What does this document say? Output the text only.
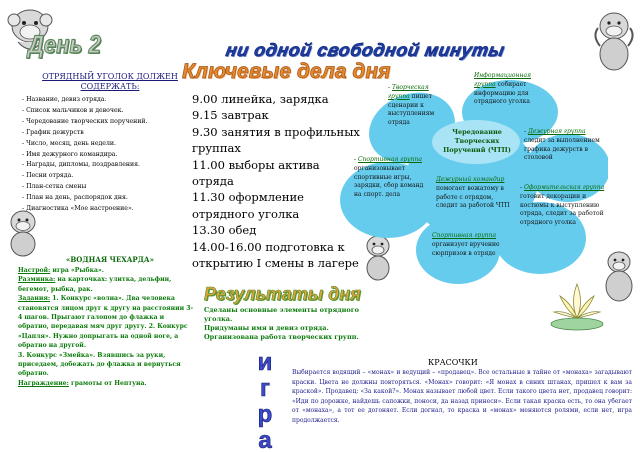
День 2	ни одной свободной минуты
Ключевые дела дня
Результаты дня
ОТРЯДНЫЙ УГОЛОК ДОЛЖЕН СОДЕРЖАТЬ:
- Название, девиз отряда.
- Список мальчиков и девочек.
- Чередование творческих поручений.
- График дежурств
- Число, месяц, день недели.
- Имя дежурного командира.
- Награды, дипломы, поздравления.
- Песни отряда.
- План-сетка смены
- План на день, распорядок дня.
- Диагностика «Мое настроение».
9.00 линейка, зарядка
9.15 завтрак
9.30 занятия в профильных группах
11.00 выборы актива отряда
11.30 оформление отрядного уголка
13.30 обед
14.00-16.00 подготовка к открытию I смены в лагере
«ВОДНАЯ ЧЕХАРДА»
Настрой: игра «Рыбка».
Разминка: на карточках: улитка, дельфин, бегемот, рыбка, рак.
Задания: 1. Конкурс «волна». Два человека становятся лицом друг к другу на расстоянии 3-4 шагов. Прыгают галопом до флажка и обратно, передавая мяч друг другу. 2. Конкурс «Цапля». Нужно допрыгать на одной ноге, а обратно на другой.
3. Конкурс «Змейка». Взявшись за руки, приседаем, добежать до флажка и вернуться обратно.
Награждение: грамоты от Нептуна.
Сделаны основные элементы отрядного уголка.
Придуманы имя и девиз отряда.
Организована работа творческих групп.
Чередование Творческих Поручений (ЧТП)
- Творческая группа пишет сценарии к выступлениям отряда
Информационная группа собирает информацию для отрядного уголка
- Дежурная группа следит за выполнением графика дежурств в столовой
- Оформительская группа готовит декорации и костюмы к выступлению отряда, следит за работой отрядного уголка
- Спортивная группа организовывает спортивные игры, зарядки, сбор команд на спорт. дела
Дежурный командир помогает вожатому в работе с отрядом, следит за работой ЧТП
Спортивная группа организует вручение сюрпризов в отряде
и
г
р
а
КРАСОЧКИ
Выбирается водящий – «монах» и ведущий – «продавец». Все остальные в тайне от «монаха» загадывают краски. Цвета не должны повторяться. «Монах» говорит: «Я монах в синих штанах, пришел к вам за краской». Продавец: «За какой?». Монах называет любой цвет. Если такого цвета нет, продавец говорит: «Иди по дорожке, найдешь сапожки, поноси, да назад принеси». Если такая краска есть, то она убегает от «монаха», а тот ее догоняет. Если догнал, то краска и «монах» меняются ролями, если нет, игра продолжается.
